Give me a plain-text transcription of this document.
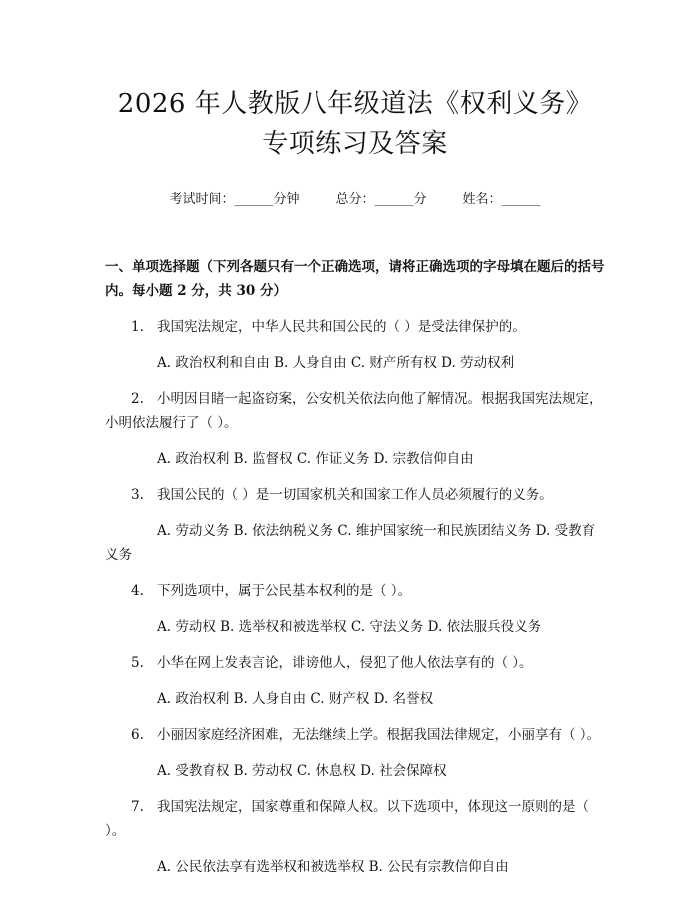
2026 年人教版八年级道法《权利义务》专项练习及答案
考试时间：______分钟	总分：______分	姓名：______

一、单项选择题（下列各题只有一个正确选项，请将正确选项的字母填在题后的括号内。每小题 2 分，共 30 分）

1. 我国宪法规定，中华人民共和国公民的（ ）是受法律保护的。

A. 政治权利和自由 B. 人身自由 C. 财产所有权 D. 劳动权利

2. 小明因目睹一起盗窃案，公安机关依法向他了解情况。根据我国宪法规定，小明依法履行了（ ）。

A. 政治权利 B. 监督权 C. 作证义务 D. 宗教信仰自由

3. 我国公民的（ ）是一切国家机关和国家工作人员必须履行的义务。

A. 劳动义务 B. 依法纳税义务 C. 维护国家统一和民族团结义务 D. 受教育义务

4. 下列选项中，属于公民基本权利的是（ ）。

A. 劳动权 B. 选举权和被选举权 C. 守法义务 D. 依法服兵役义务

5. 小华在网上发表言论，诽谤他人，侵犯了他人依法享有的（ ）。

A. 政治权利 B. 人身自由 C. 财产权 D. 名誉权

6. 小丽因家庭经济困难，无法继续上学。根据我国法律规定，小丽享有（ ）。

A. 受教育权 B. 劳动权 C. 休息权 D. 社会保障权

7. 我国宪法规定，国家尊重和保障人权。以下选项中，体现这一原则的是（ ）。

A. 公民依法享有选举权和被选举权 B. 公民有宗教信仰自由
